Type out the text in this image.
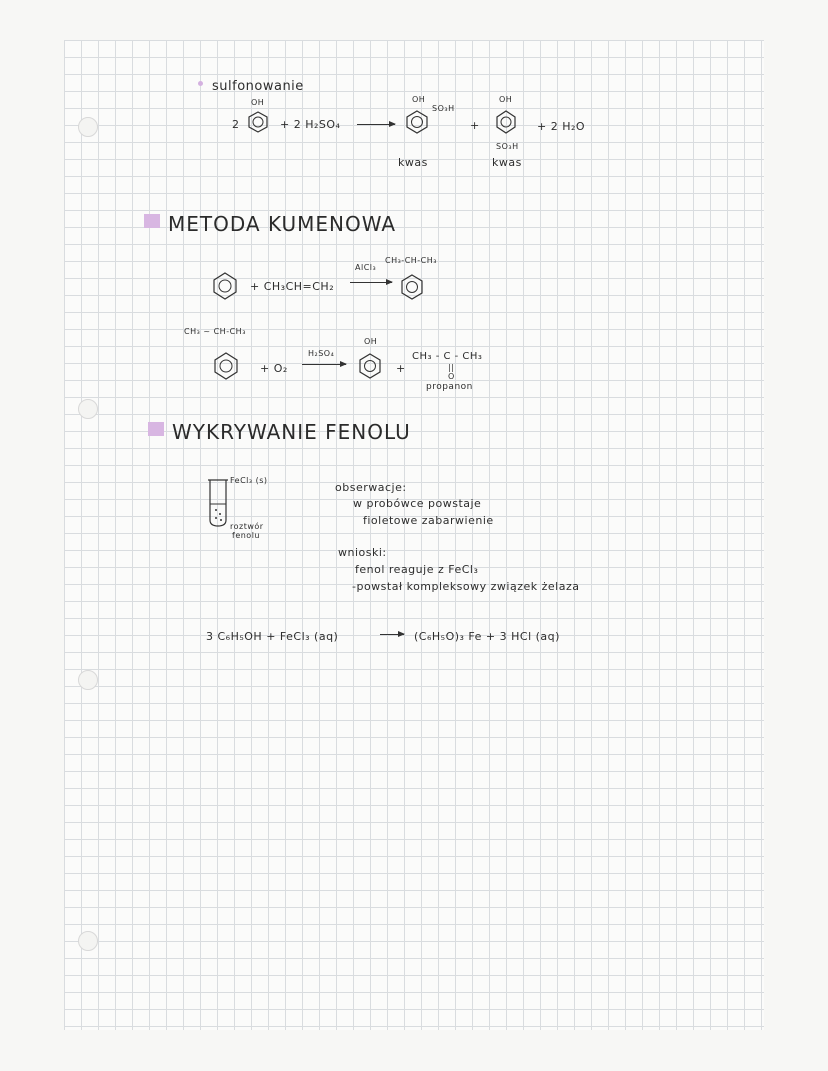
sulfonowanie
2
OH
+ 2 H₂SO₄ →
OH
SO₃H
+
OH
SO₃H
+ 2 H₂O
kwas	kwas
METODA KUMENOWA
+ CH₃CH=CH₂
AlCl₃
CH₃-CH-CH₃
CH₃ ~ CH-CH₃
+ O₂
H₂SO₄
OH
+
CH₃ - C - CH₃
||
O
propanon
WYKRYWANIE FENOLU
FeCl₃ (s)
roztwór
fenolu
obserwacje:
w probówce powstaje
fioletowe zabarwienie
wnioski:
fenol reaguje z FeCl₃
-powstał kompleksowy związek żelaza
3 C₆H₅OH + FeCl₃ (aq)	→ (C₆H₅O)₃ Fe + 3 HCl (aq)
